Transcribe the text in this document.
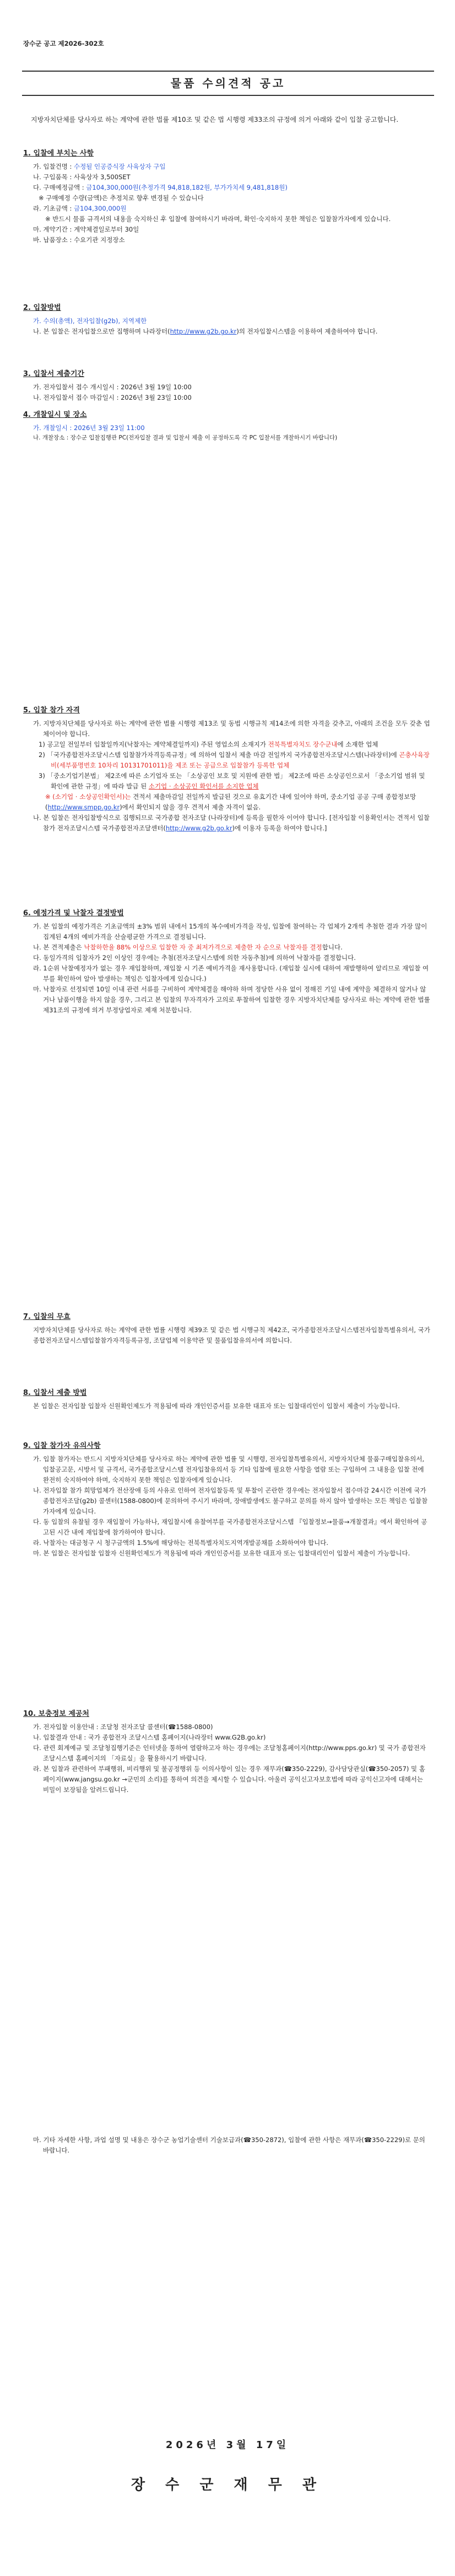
장수군 공고 제2026-302호
물품 수의견적 공고

지방자치단체를 당사자로 하는 계약에 관한 법률 제10조 및 같은 법 시행령 제33조의 규정에 의거 아래와 같이 입찰 공고합니다.

1. 입찰에 부치는 사항
가. 입찰건명 : 수정될 인공증식장 사육상자 구입
나. 구입품목 : 사육상자 3,500SET
다. 구매예정금액 : 금104,300,000원(추정가격 94,818,182원, 부가가치세 9,481,818원)
※ 구매예정 수량(금액)은 추정치로 향후 변경될 수 있습니다
라. 기초금액 : 금104,300,000원
※ 반드시 물품 규격서의 내용을 숙지하신 후 입찰에 참여하시기 바라며, 확인·숙지하지 못한 책임은 입찰참가자에게 있습니다.
마. 계약기간 : 계약체결일로부터 30일
바. 납품장소 : 수요기관 지정장소
2. 입찰방법
가. 수의(총액), 전자입찰(g2b), 지역제한
나. 본 입찰은 전자입찰으로만 집행하며 나라장터(http://www.g2b.go.kr)의 전자입찰시스템을 이용하여 제출하여야 합니다.
3. 입찰서 제출기간
가. 전자입찰서 접수 개시일시 : 2026년 3월 19일 10:00
나. 전자입찰서 접수 마감일시 : 2026년 3월 23일 10:00
4. 개찰일시 및 장소
가. 개찰일시 : 2026년 3월 23일 11:00
나. 개찰장소 : 장수군 입찰집행관 PC(전자입찰 결과 및 입찰서 제출 이 공정하도록 각 PC 입찰서를 개찰하시기 바랍니다)
5. 입찰 참가 자격
가. 지방자치단체를 당사자로 하는 계약에 관한 법률 시행령 제13조 및 동법 시행규칙 제14조에 의한 자격을 갖추고, 아래의 조건을 모두 갖춘 업체이어야 합니다.
1) 공고일 전일부터 입찰일까지(낙찰자는 계약체결일까지) 주된 영업소의 소재지가 전북특별자치도 장수군내에 소재한 업체
2) 「국가종합전자조달시스템 입찰참가자격등록규정」에 의하여 입찰서 제출 마감 전일까지 국가종합전자조달시스템(나라장터)에 곤충사육장비(세부품명번호 10차리 10131701011)을 제조 또는 공급으로 입찰참가 등록한 업체
3) 「중소기업기본법」 제2조에 따른 소기업자 또는 「소상공인 보호 및 지원에 관한 법」 제2조에 따른 소상공인으로서 「중소기업 범위 및 확인에 관한 규정」에 따라 발급 된 소기업 · 소상공인 확인서를 소지한 업체
※ (소기업 · 소상공인확인서)는 견적서 제출마감일 전일까지 발급된 것으로 유효기간 내에 있어야 하며, 중소기업 공공 구매 종합정보망(http://www.smpp.go.kr)에서 확인되지 않을 경우 견적서 제출 자격이 없음.
나. 본 입찰은 전자입찰방식으로 집행되므로 국가종합 전자조달 (나라장터)에 등록을 필한자 이어야 합니다. [전자입찰 이용확인서는 견적서 입찰참가 전자조달시스템 국가종합전자조달센터(http://www.g2b.go.kr)에 이용자 등록을 하여야 합니다.]
6. 예정가격 및 낙찰자 결정방법
가. 본 입찰의 예정가격은 기초금액의 ±3% 범위 내에서 15개의 복수예비가격을 작성, 입찰에 참여하는 각 업체가 2개씩 추첨한 결과 가장 많이 집계된 4개의 예비가격을 산술평균한 가격으로 결정됩니다.
나. 본 견적제출은 낙찰하한율 88% 이상으로 입찰한 자 중 최저가격으로 제출한 자 순으로 낙찰자를 결정합니다.
다. 동일가격의 입찰자가 2인 이상인 경우에는 추첨(전자조달시스템에 의한 자동추첨)에 의하여 낙찰자를 결정합니다.
라. 1순위 낙찰예정자가 없는 경우 재입찰하며, 재입찰 시 기존 예비가격을 재사용합니다. (재입찰 실시에 대하여 재발행하여 알리므로 재입찰 여부를 확인하여 알아 발생하는 책임은 입찰자에게 있습니다.)
마. 낙찰자로 선정되면 10일 이내 관련 서류를 구비하여 계약체결을 해야하 하며 정당한 사유 없이 정해진 기일 내에 계약을 체결하지 않거나 않거나 납품이행을 하지 않을 경우, 그리고 본 입찰의 무자격자가 고의로 투찰하여 입찰한 경우 지방자치단체를 당사자로 하는 계약에 관한 법률 제31조의 규정에 의거 부정당업자로 제재 처분합니다.
7. 입찰의 무효
지방자치단체를 당사자로 하는 계약에 관한 법률 시행령 제39조 및 같은 법 시행규칙 제42조, 국가종합전자조달시스템전자입찰특별유의서, 국가종합전자조달시스템입찰참가자격등록규정, 조달업체 이용약관 및 물품입찰유의서에 의합니다.
8. 입찰서 제출 방법
본 입찰은 전자입찰 입찰자 신원확인제도가 적용됨에 따라 개인인증서를 보유한 대표자 또는 입찰대리인이 입찰서 제출이 가능합니다.
9. 입찰 참가자 유의사항
가. 입찰 참가자는 반드시 지방자치단체를 당사자로 하는 계약에 관한 법률 및 시행령, 전자입찰특별유의서, 지방자치단체 물품구매입찰유의서, 입찰공고문, 시방서 및 규격서, 국가종합조달시스템 전자입찰유의서 등 기타 입찰에 필요한 사항을 열람 또는 구입하여 그 내용을 입찰 전에 완전히 숙지하여야 하며, 숙지하지 못한 책임은 입찰자에게 있습니다.
나. 전자입찰 참가 희망업체가 전산장애 등의 사유로 인하여 전자입찰등록 및 투찰이 곤란한 경우에는 전자입찰서 접수마감 24시간 이전에 국가종합전자조달(g2b) 콜센터(1588-0800)에 문의하여 주시기 바라며, 장애발생에도 불구하고 문의를 하지 않아 발생하는 모든 책임은 입찰참가자에게 있습니다.
다. 동 입찰의 유찰될 경우 재입찰이 가능하나, 재입찰시에 유찰여부를 국가종합전자조달시스템 『입찰정보→물품→개찰결과』에서 확인하여 공고된 시간 내에 재입찰에 참가하여야 합니다.
라. 낙찰자는 대금청구 시 청구금액의 1.5%에 해당하는 전북특별자치도지역개발공채를 소화하여야 합니다.
마. 본 입찰은 전자입찰 입찰자 신원확인제도가 적용됨에 따라 개인인증서를 보유한 대표자 또는 입찰대리인이 입찰서 제출이 가능합니다.
10. 보충정보 제공처
가. 전자입찰 이용안내 : 조달청 전자조달 콜센터(☎1588-0800)
나. 입찰결과 안내 : 국가 종합전자 조달시스템 홈페이지(나라장터 www.G2B.go.kr)
다. 관련 회계예규 및 조달청집행기준은 인터넷을 통하여 열람하고자 하는 경우에는 조달청홈페이지(http://www.pps.go.kr) 및 국가 종합전자 조달시스템 홈페이지의 「자료실」을 활용하시기 바랍니다.
라. 본 입찰과 관련하여 부패행위, 비리행위 및 불공정행위 등 이의사항이 있는 경우 재무과(☎350-2229), 감사담당관실(☎350-2057) 및 홈페이지(www.jangsu.go.kr →군민의 소리)를 통하여 의견을 제시할 수 있습니다. 아울러 공익신고자보호법에 따라 공익신고자에 대해서는 비밀이 보장됨을 알려드립니다.
마. 기타 자세한 사항, 과업 설명 및 내용은 장수군 농업기술센터 기술보급과(☎350-2872), 입찰에 관한 사항은 재무과(☎350-2229)로 문의 바랍니다.
2026년 3월 17일
장 수 군 재 무 관
